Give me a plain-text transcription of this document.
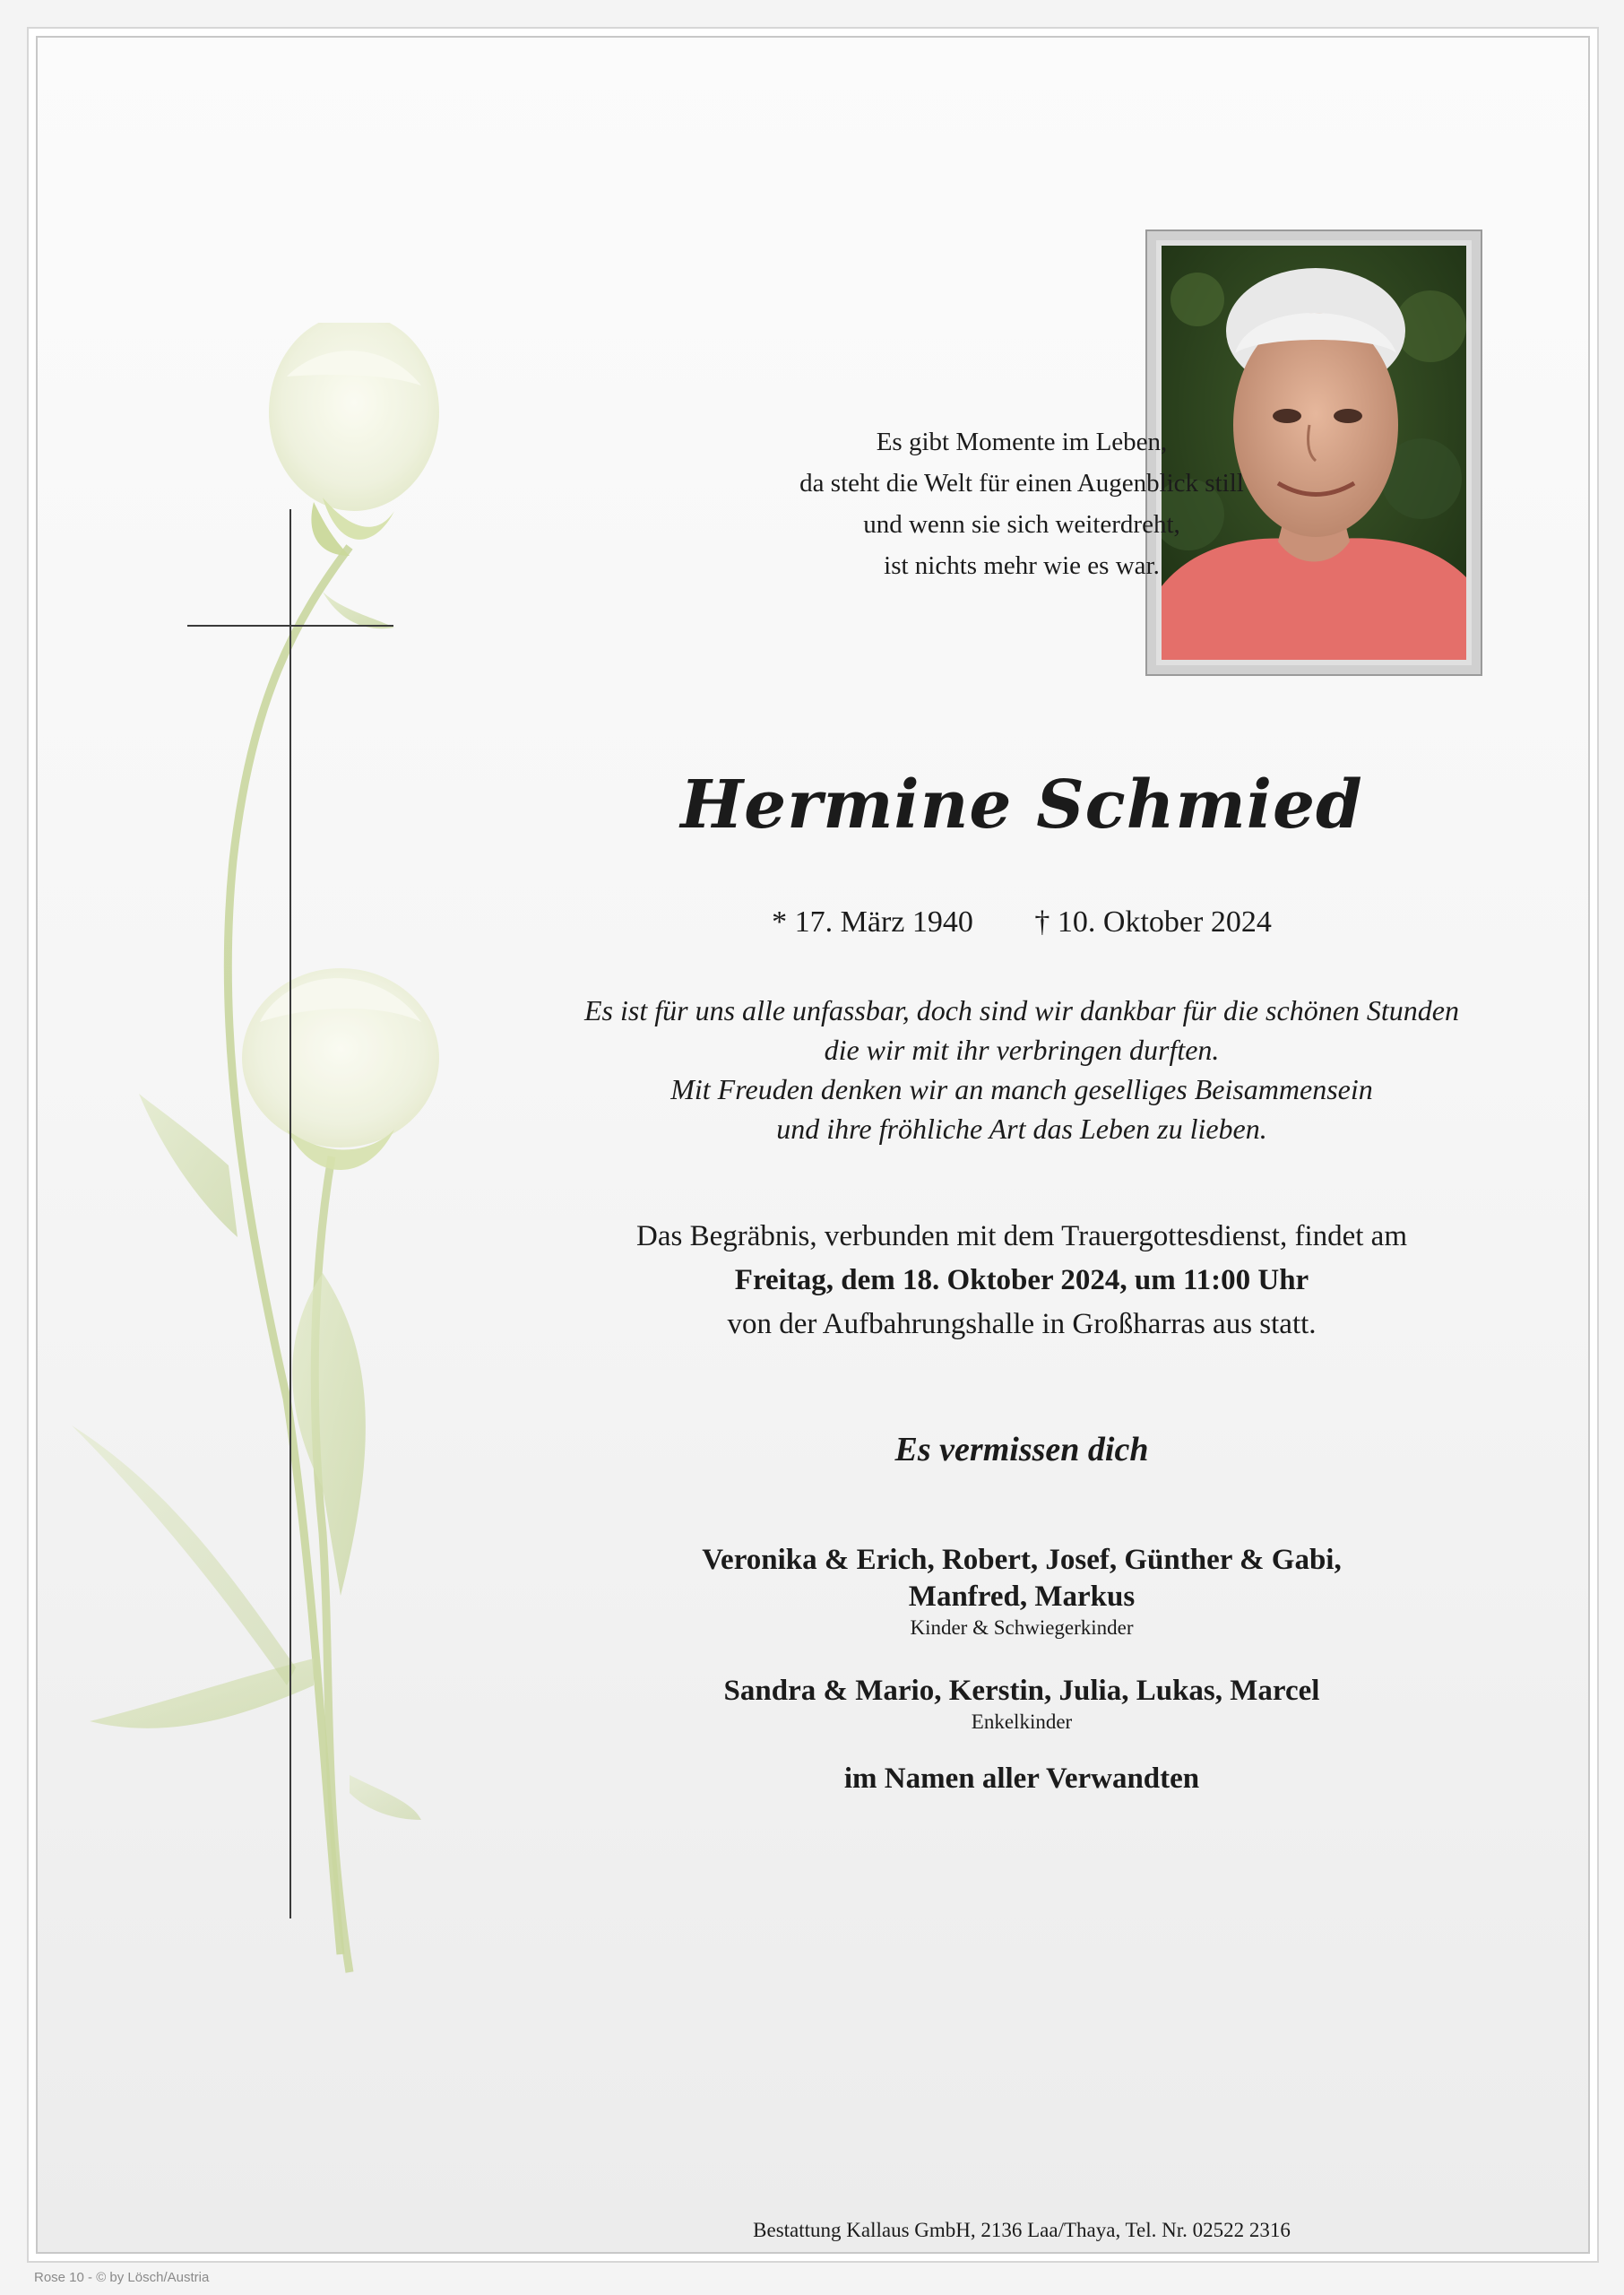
Es gibt Momente im Leben,
da steht die Welt für einen Augenblick still
und wenn sie sich weiterdreht,
ist nichts mehr wie es war.
Hermine Schmied
* 17. März 1940 † 10. Oktober 2024
Es ist für uns alle unfassbar, doch sind wir dankbar für die schönen Stunden
die wir mit ihr verbringen durften.
Mit Freuden denken wir an manch geselliges Beisammensein
und ihre fröhliche Art das Leben zu lieben.
Das Begräbnis, verbunden mit dem Trauergottesdienst, findet am
Freitag, dem 18. Oktober 2024, um 11:00 Uhr
von der Aufbahrungshalle in Großharras aus statt.
Es vermissen dich
Veronika & Erich, Robert, Josef, Günther & Gabi,
Manfred, Markus
Kinder & Schwiegerkinder
Sandra & Mario, Kerstin, Julia, Lukas, Marcel
Enkelkinder
im Namen aller Verwandten
Bestattung Kallaus GmbH, 2136 Laa/Thaya, Tel. Nr. 02522 2316
Rose 10 - © by Lösch/Austria
